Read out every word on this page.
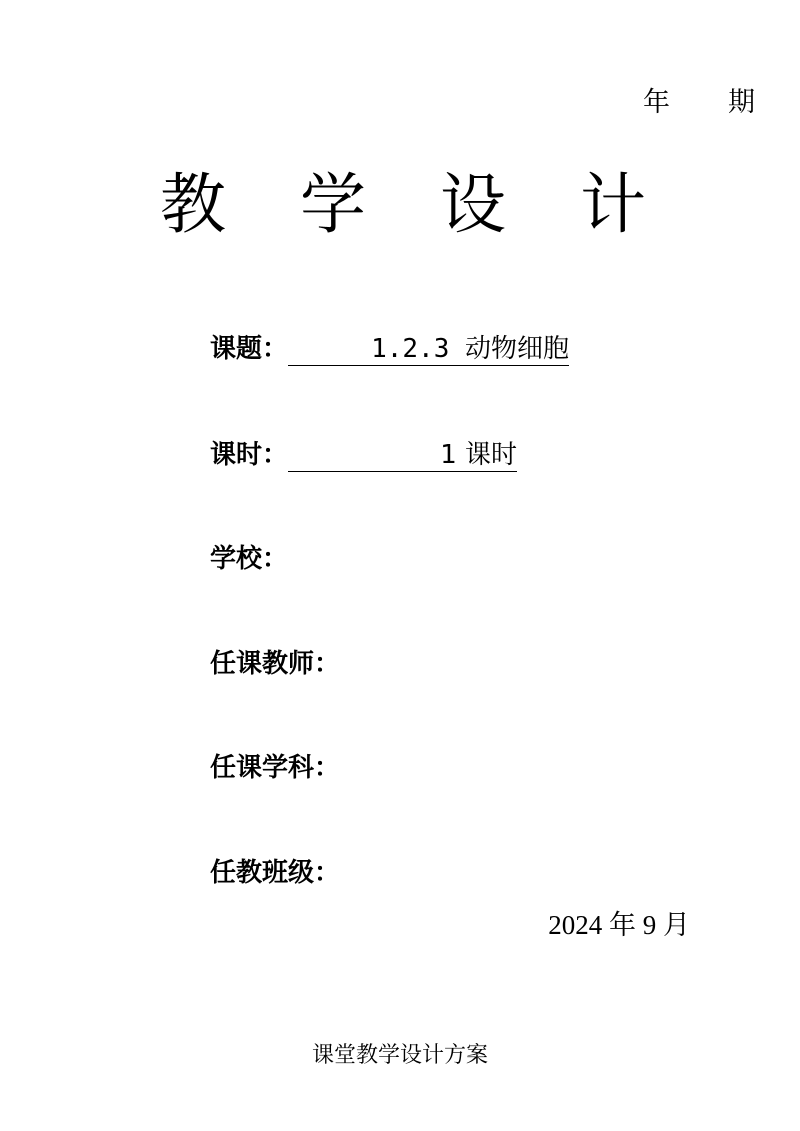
年 期
教 学 设 计
课题：	1.2.3 动物细胞
课时：	1 课时
学校：
任课教师：
任课学科：
任教班级：
2024 年 9 月
课堂教学设计方案
